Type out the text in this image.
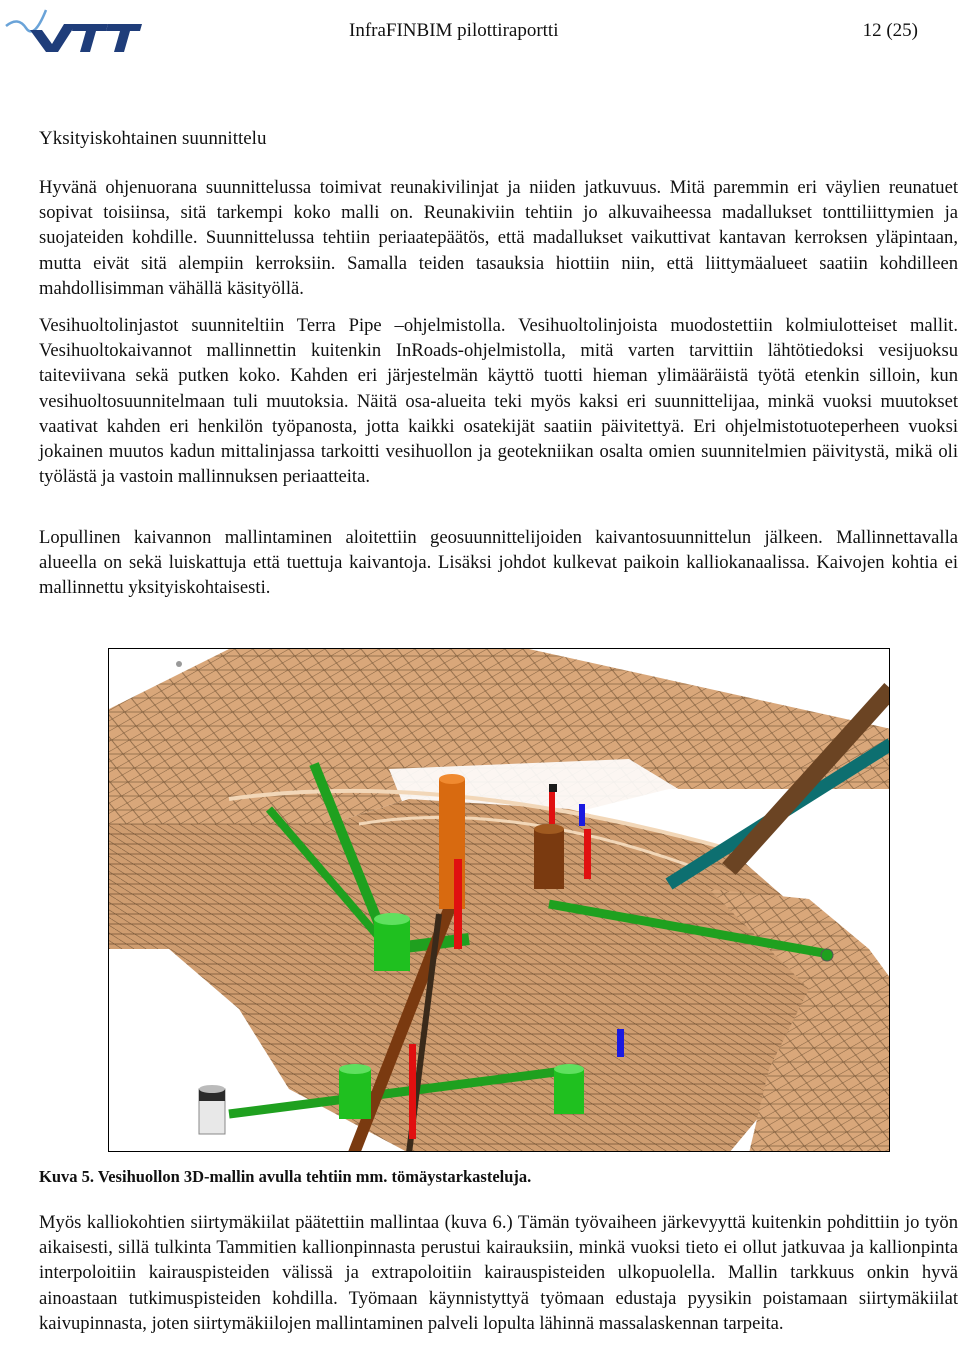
InfraFINBIM pilottiraportti	12 (25)
Yksityiskohtainen suunnittelu

Hyvänä ohjenuorana suunnittelussa toimivat reunakivilinjat ja niiden jatkuvuus. Mitä paremmin eri väylien reunatuet sopivat toisiinsa, sitä tarkempi koko malli on. Reunakiviin tehtiin jo alkuvaiheessa madallukset tonttiliittymien ja suojateiden kohdille. Suunnittelussa tehtiin periaatepäätös, että madallukset vaikuttivat kantavan kerroksen yläpintaan, mutta eivät sitä alempiin kerroksiin. Samalla teiden tasauksia hiottiin niin, että liittymäalueet saatiin kohdilleen mahdollisimman vähällä käsityöllä.

Vesihuoltolinjastot suunniteltiin Terra Pipe –ohjelmistolla. Vesihuoltolinjoista muodostettiin kolmiulotteiset mallit. Vesihuoltokaivannot mallinnettin kuitenkin InRoads-ohjelmistolla, mitä varten tarvittiin lähtötiedoksi vesijuoksu taiteviivana sekä putken koko. Kahden eri järjestelmän käyttö tuotti hieman ylimääräistä työtä etenkin silloin, kun vesihuoltosuunnitelmaan tuli muutoksia. Näitä osa-alueita teki myös kaksi eri suunnittelijaa, minkä vuoksi muutokset vaativat kahden eri henkilön työpanosta, jotta kaikki osatekijät saatiin päivitettyä. Eri ohjelmistotuoteperheen vuoksi jokainen muutos kadun mittalinjassa tarkoitti vesihuollon ja geotekniikan osalta omien suunnitelmien päivitystä, mikä oli työlästä ja vastoin mallinnuksen periaatteita.

Lopullinen kaivannon mallintaminen aloitettiin geosuunnittelijoiden kaivantosuunnittelun jälkeen. Mallinnettavalla alueella on sekä luiskattuja että tuettuja kaivantoja. Lisäksi johdot kulkevat paikoin kalliokanaalissa. Kaivojen kohtia ei mallinnettu yksityiskohtaisesti.

Kuva 5. Vesihuollon 3D-mallin avulla tehtiin mm. tömäystarkasteluja.

Myös kalliokohtien siirtymäkiilat päätettiin mallintaa (kuva 6.) Tämän työvaiheen järkevyyttä kuitenkin pohdittiin jo työn aikaisesti, sillä tulkinta Tammitien kallionpinnasta perustui kairauksiin, minkä vuoksi tieto ei ollut jatkuvaa ja kallionpinta interpoloitiin kairauspisteiden välissä ja extrapoloitiin kairauspisteiden ulkopuolella. Mallin tarkkuus onkin hyvä ainoastaan tutkimuspisteiden kohdilla. Työmaan käynnistyttyä työmaan edustaja pyysikin poistamaan siirtymäkiilat kaivupinnasta, joten siirtymäkiilojen mallintaminen palveli lopulta lähinnä massalaskennan tarpeita.
